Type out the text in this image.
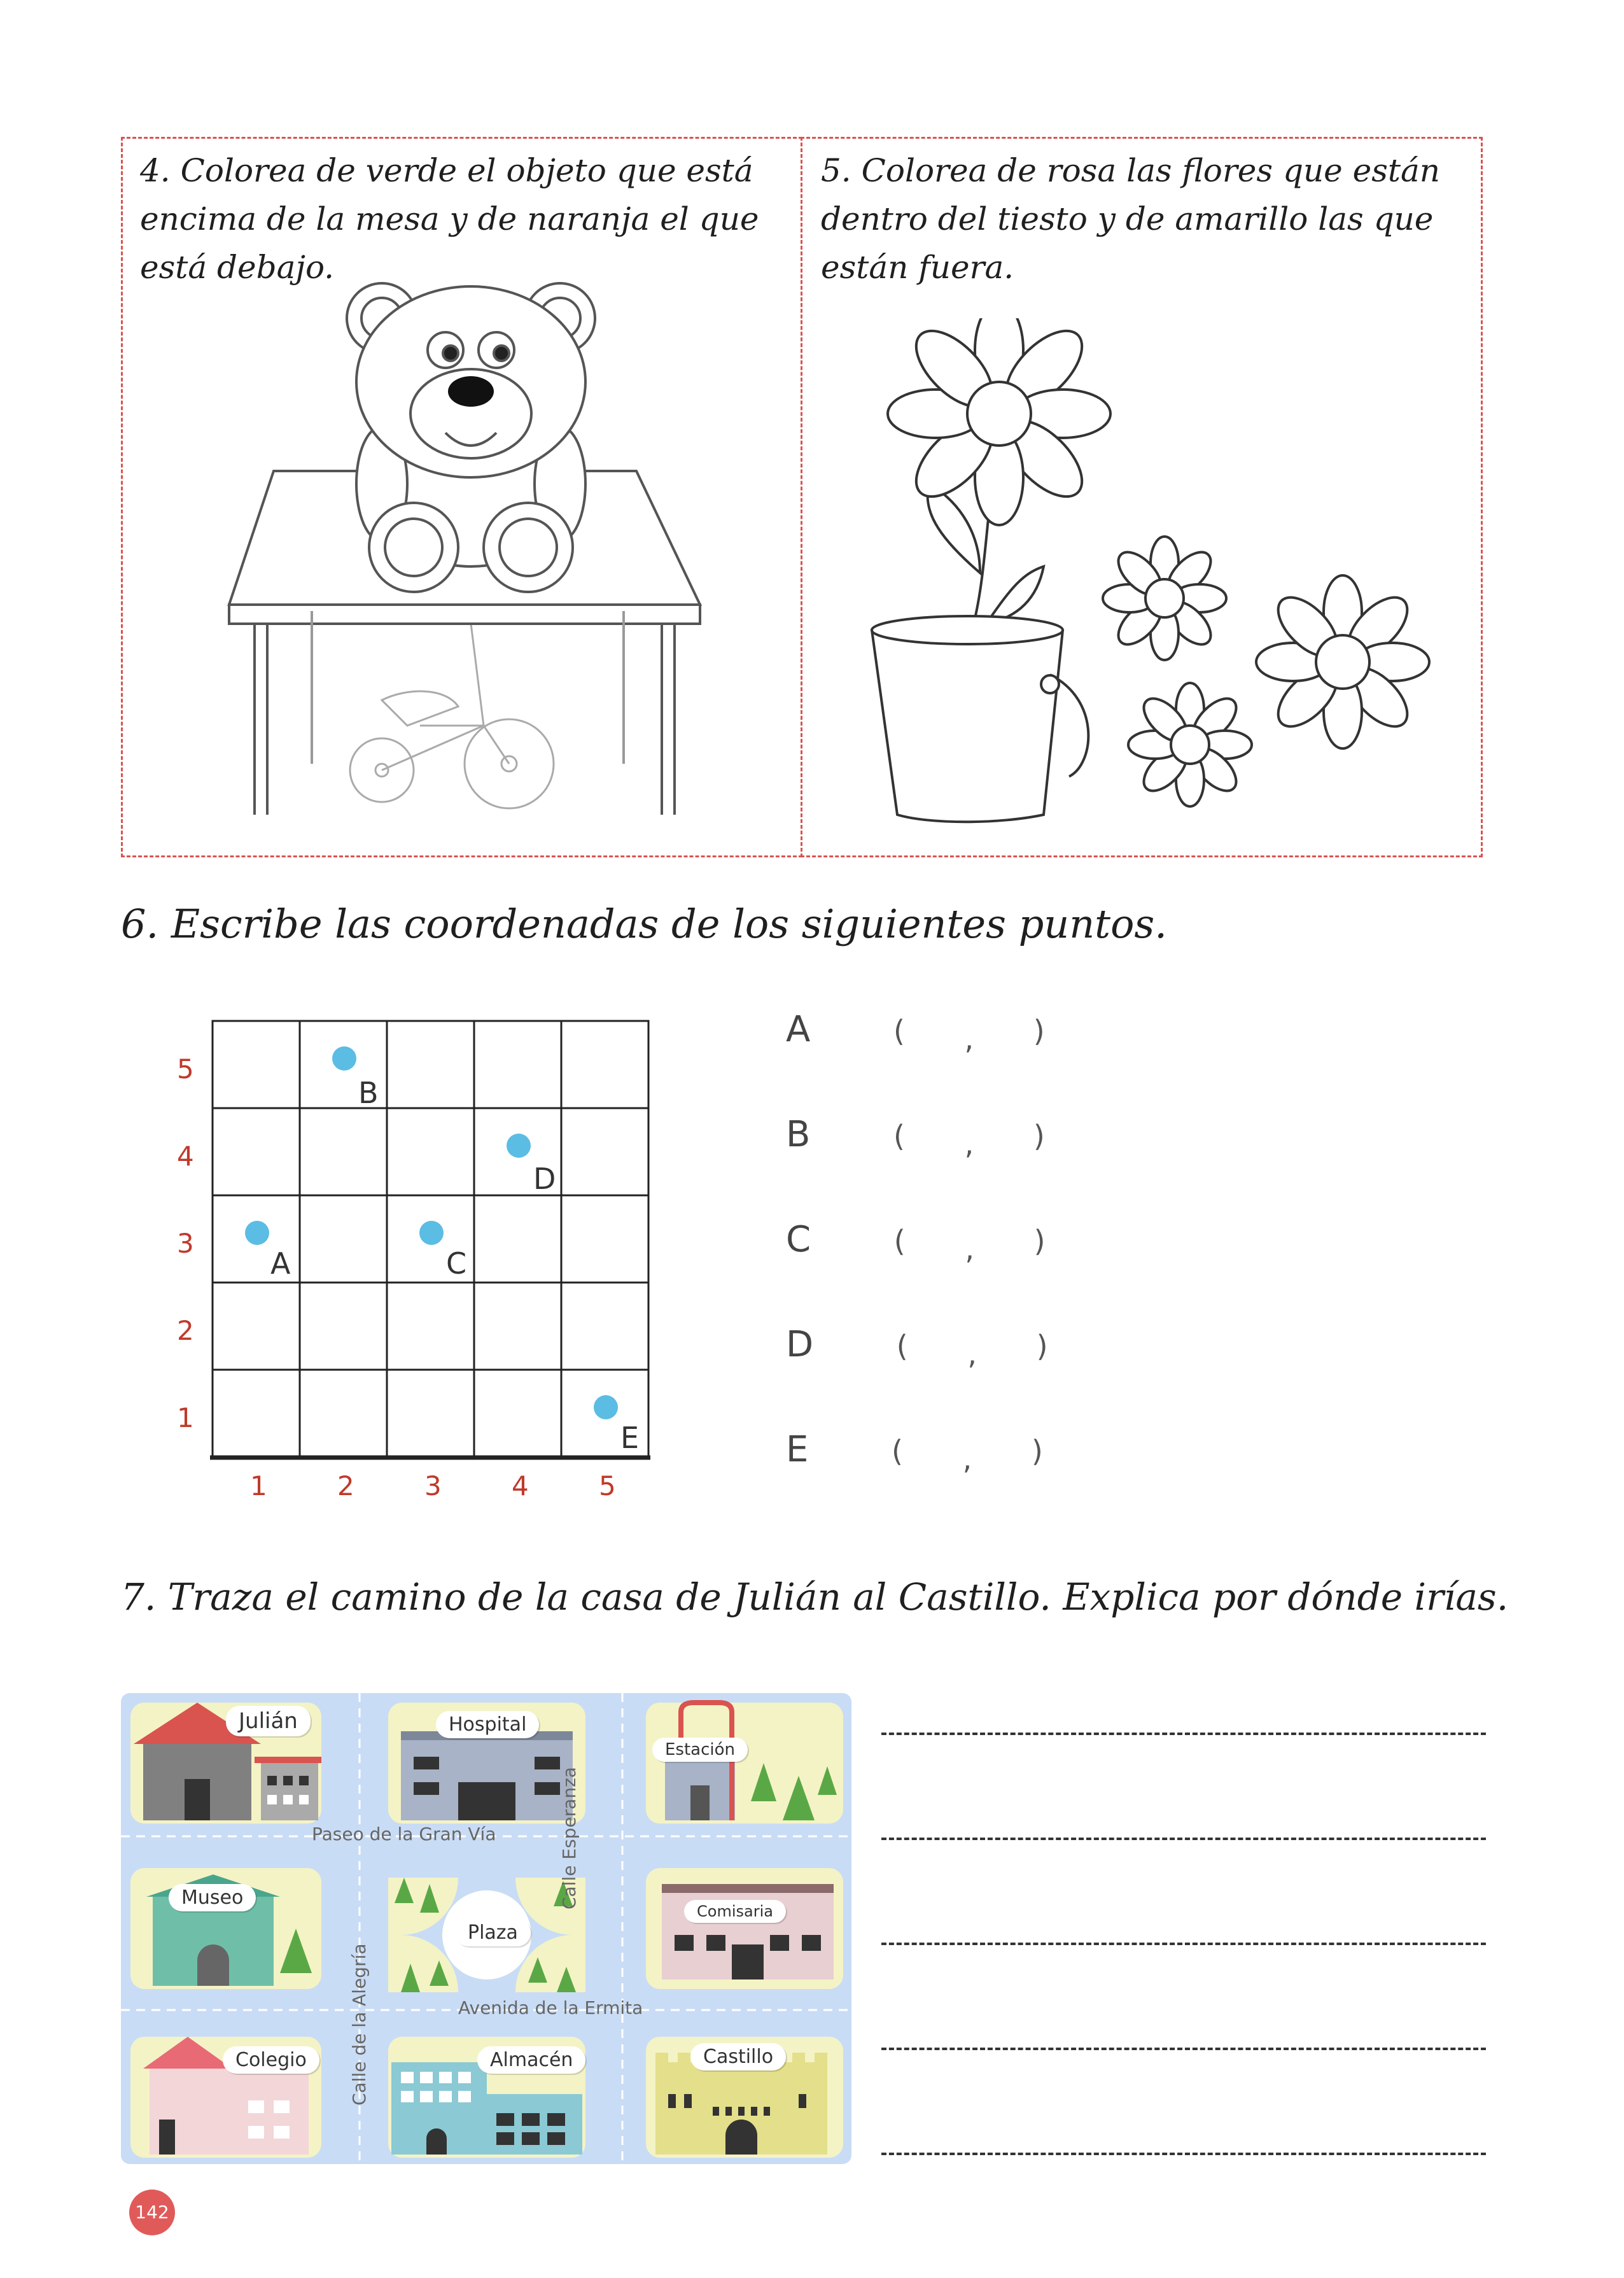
4. Colorea de verde el objeto que está encima de la mesa y de naranja el que está debajo.
5. Colorea de rosa las flores que están dentro del tiesto y de amarillo las que están fuera.
6. Escribe las coordenadas de los siguientes puntos.
5
4
3
2
1
1	2	3	4	5
A
B
C
D
E
A	( , )
B	( , )
C	( , )
D	( , )
E	( , )
7. Traza el camino de la casa de Julián al Castillo. Explica por dónde irías.
Julián	Hospital
Estación
Museo
Plaza
Comisaria
Colegio	Almacén	Castillo
Paseo de la Gran Vía
Avenida de la Ermita
Calle Esperanza
Calle de la Alegría
142
